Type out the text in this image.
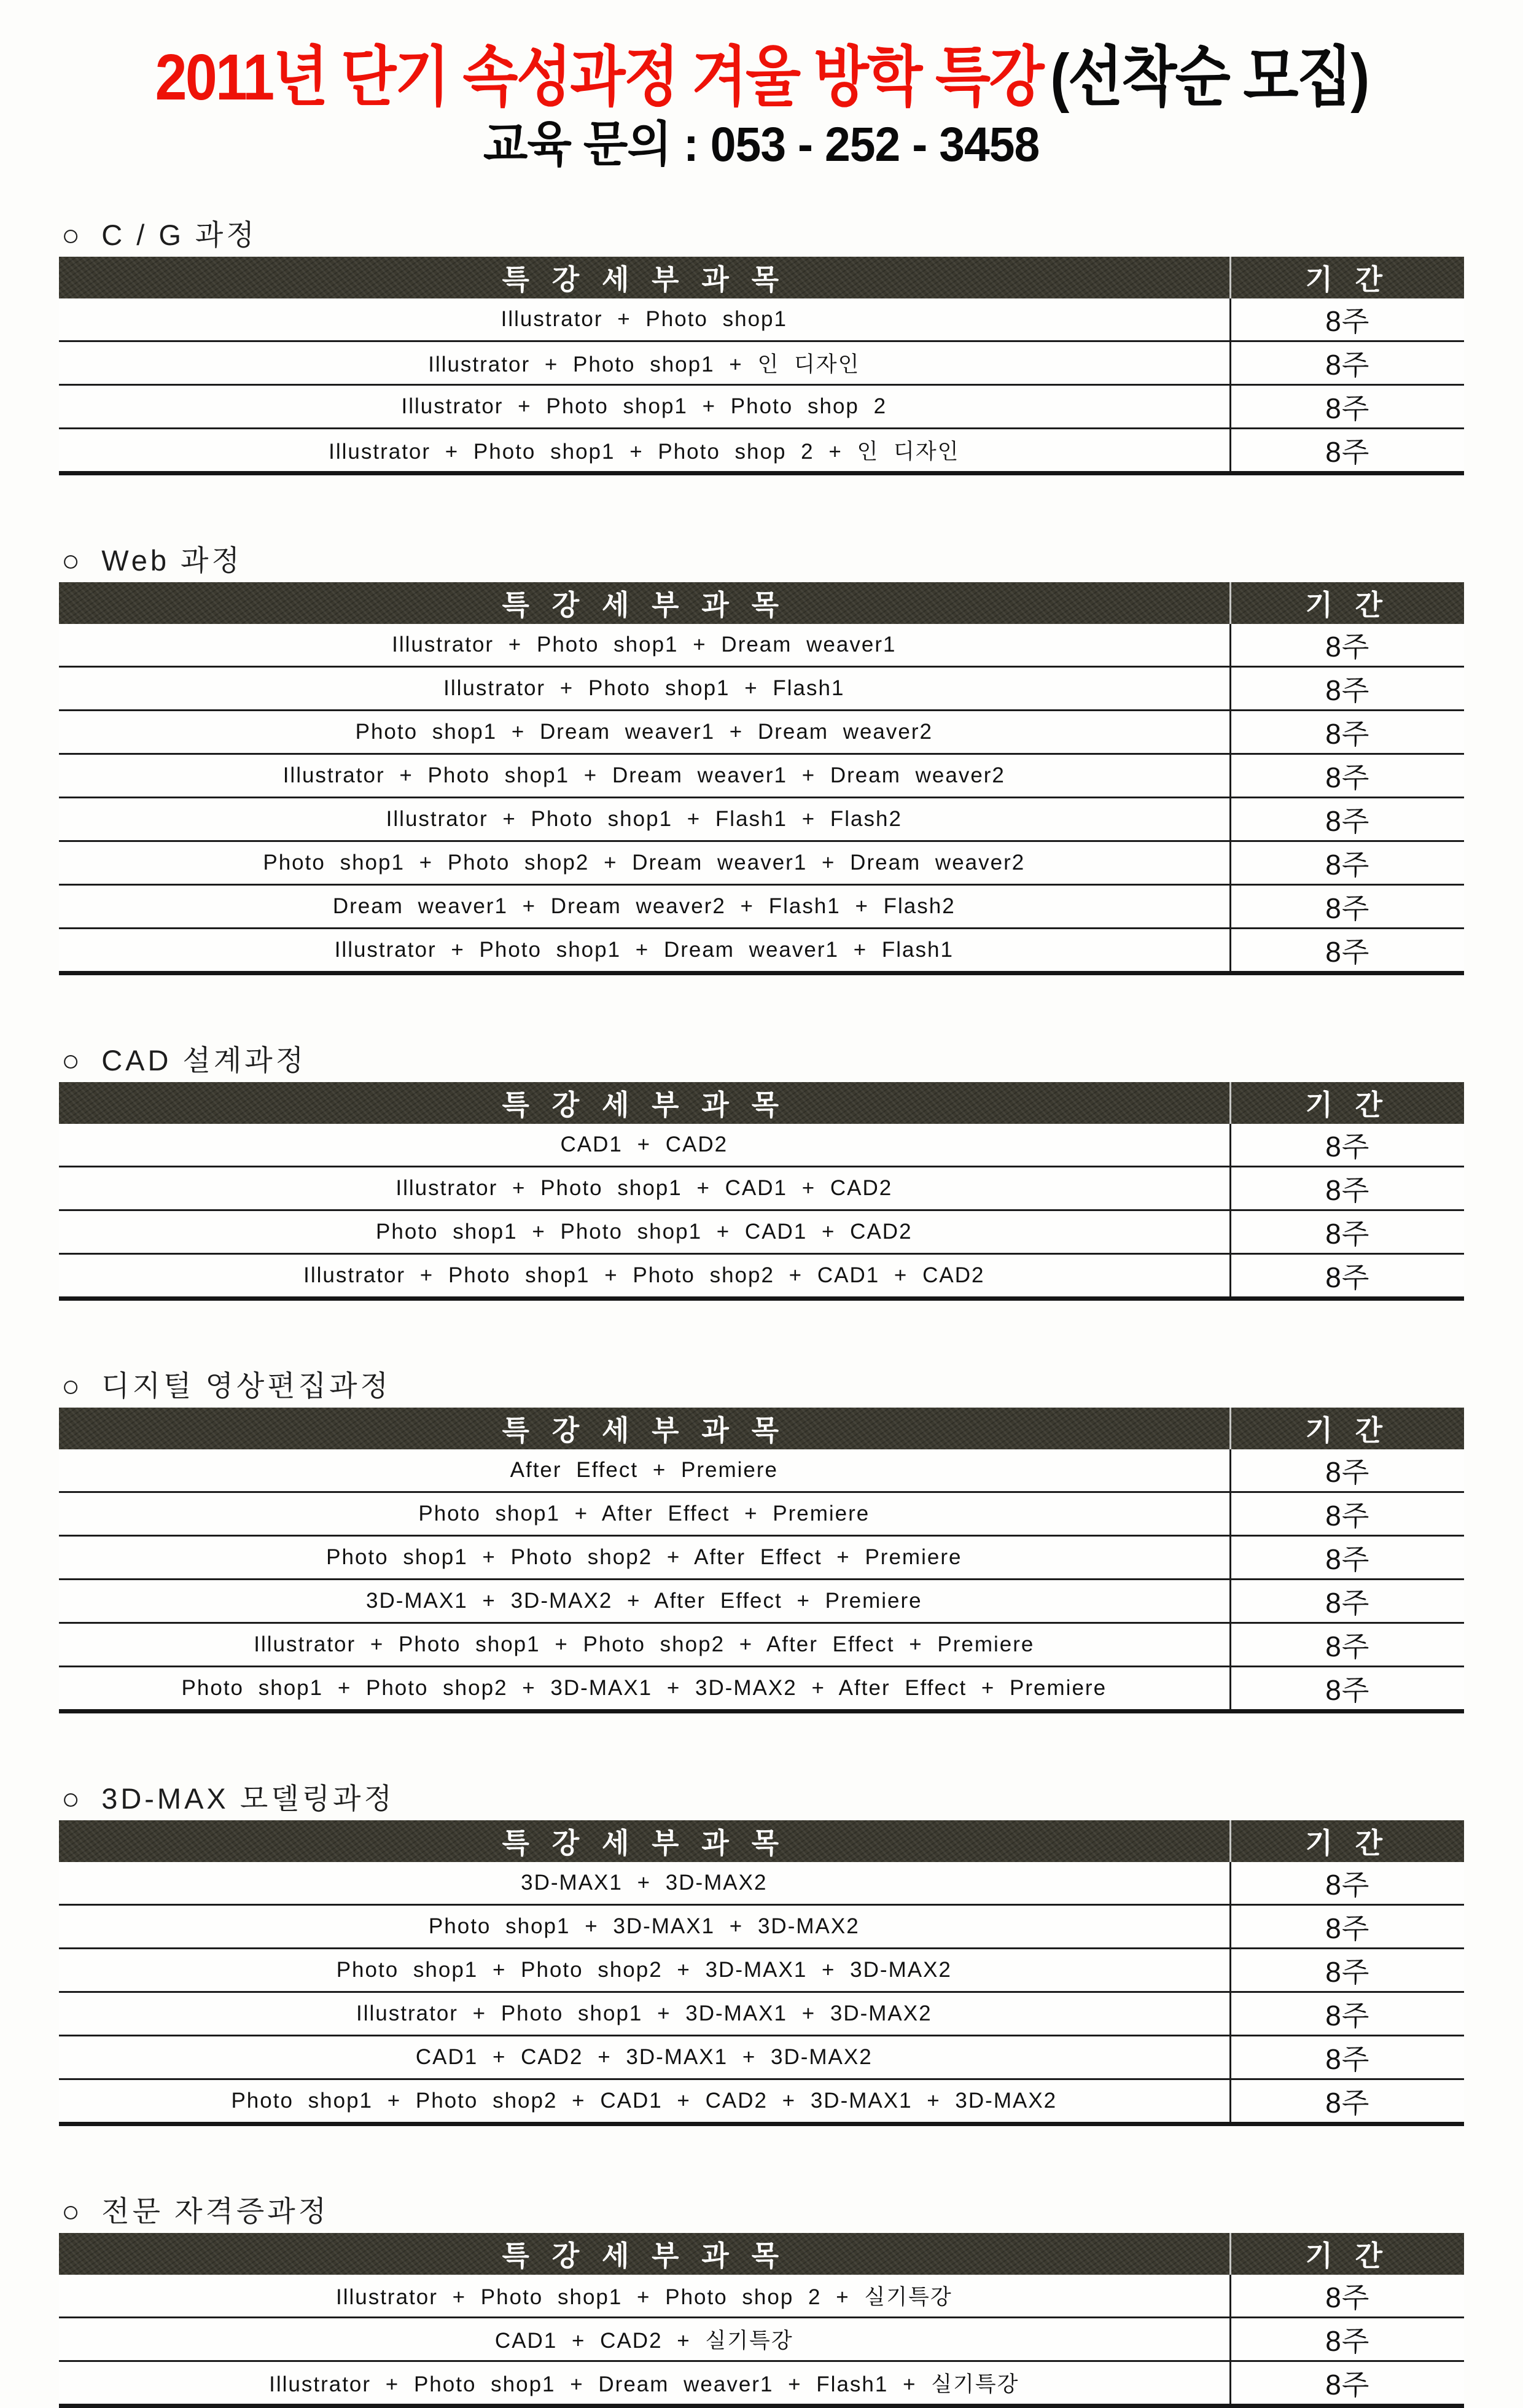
2011년 단기 속성과정 겨울 방학 특강 (선착순 모집)
교육 문의 : 053 - 252 - 3458
○ C / G 과정
특 강 세 부 과 목	기 간
Illustrator + Photo shop1	8주
Illustrator + Photo shop1 + 인 디자인	8주
Illustrator + Photo shop1 + Photo shop 2	8주
Illustrator + Photo shop1 + Photo shop 2 + 인 디자인	8주
○ Web 과정
특 강 세 부 과 목	기 간
Illustrator + Photo shop1 + Dream weaver1	8주
Illustrator + Photo shop1 + Flash1	8주
Photo shop1 + Dream weaver1 + Dream weaver2	8주
Illustrator + Photo shop1 + Dream weaver1 + Dream weaver2	8주
Illustrator + Photo shop1 + Flash1 + Flash2	8주
Photo shop1 + Photo shop2 + Dream weaver1 + Dream weaver2	8주
Dream weaver1 + Dream weaver2 + Flash1 + Flash2	8주
Illustrator + Photo shop1 + Dream weaver1 + Flash1	8주
○ CAD 설계과정
특 강 세 부 과 목	기 간
CAD1 + CAD2	8주
Illustrator + Photo shop1 + CAD1 + CAD2	8주
Photo shop1 + Photo shop1 + CAD1 + CAD2	8주
Illustrator + Photo shop1 + Photo shop2 + CAD1 + CAD2	8주
○ 디지털 영상편집과정
특 강 세 부 과 목	기 간
After Effect + Premiere	8주
Photo shop1 + After Effect + Premiere	8주
Photo shop1 + Photo shop2 + After Effect + Premiere	8주
3D-MAX1 + 3D-MAX2 + After Effect + Premiere	8주
Illustrator + Photo shop1 + Photo shop2 + After Effect + Premiere	8주
Photo shop1 + Photo shop2 + 3D-MAX1 + 3D-MAX2 + After Effect + Premiere	8주
○ 3D-MAX 모델링과정
특 강 세 부 과 목	기 간
3D-MAX1 + 3D-MAX2	8주
Photo shop1 + 3D-MAX1 + 3D-MAX2	8주
Photo shop1 + Photo shop2 + 3D-MAX1 + 3D-MAX2	8주
Illustrator + Photo shop1 + 3D-MAX1 + 3D-MAX2	8주
CAD1 + CAD2 + 3D-MAX1 + 3D-MAX2	8주
Photo shop1 + Photo shop2 + CAD1 + CAD2 + 3D-MAX1 + 3D-MAX2	8주
○ 전문 자격증과정
특 강 세 부 과 목	기 간
Illustrator + Photo shop1 + Photo shop 2 + 실기특강	8주
CAD1 + CAD2 + 실기특강	8주
Illustrator + Photo shop1 + Dream weaver1 + Flash1 + 실기특강	8주
